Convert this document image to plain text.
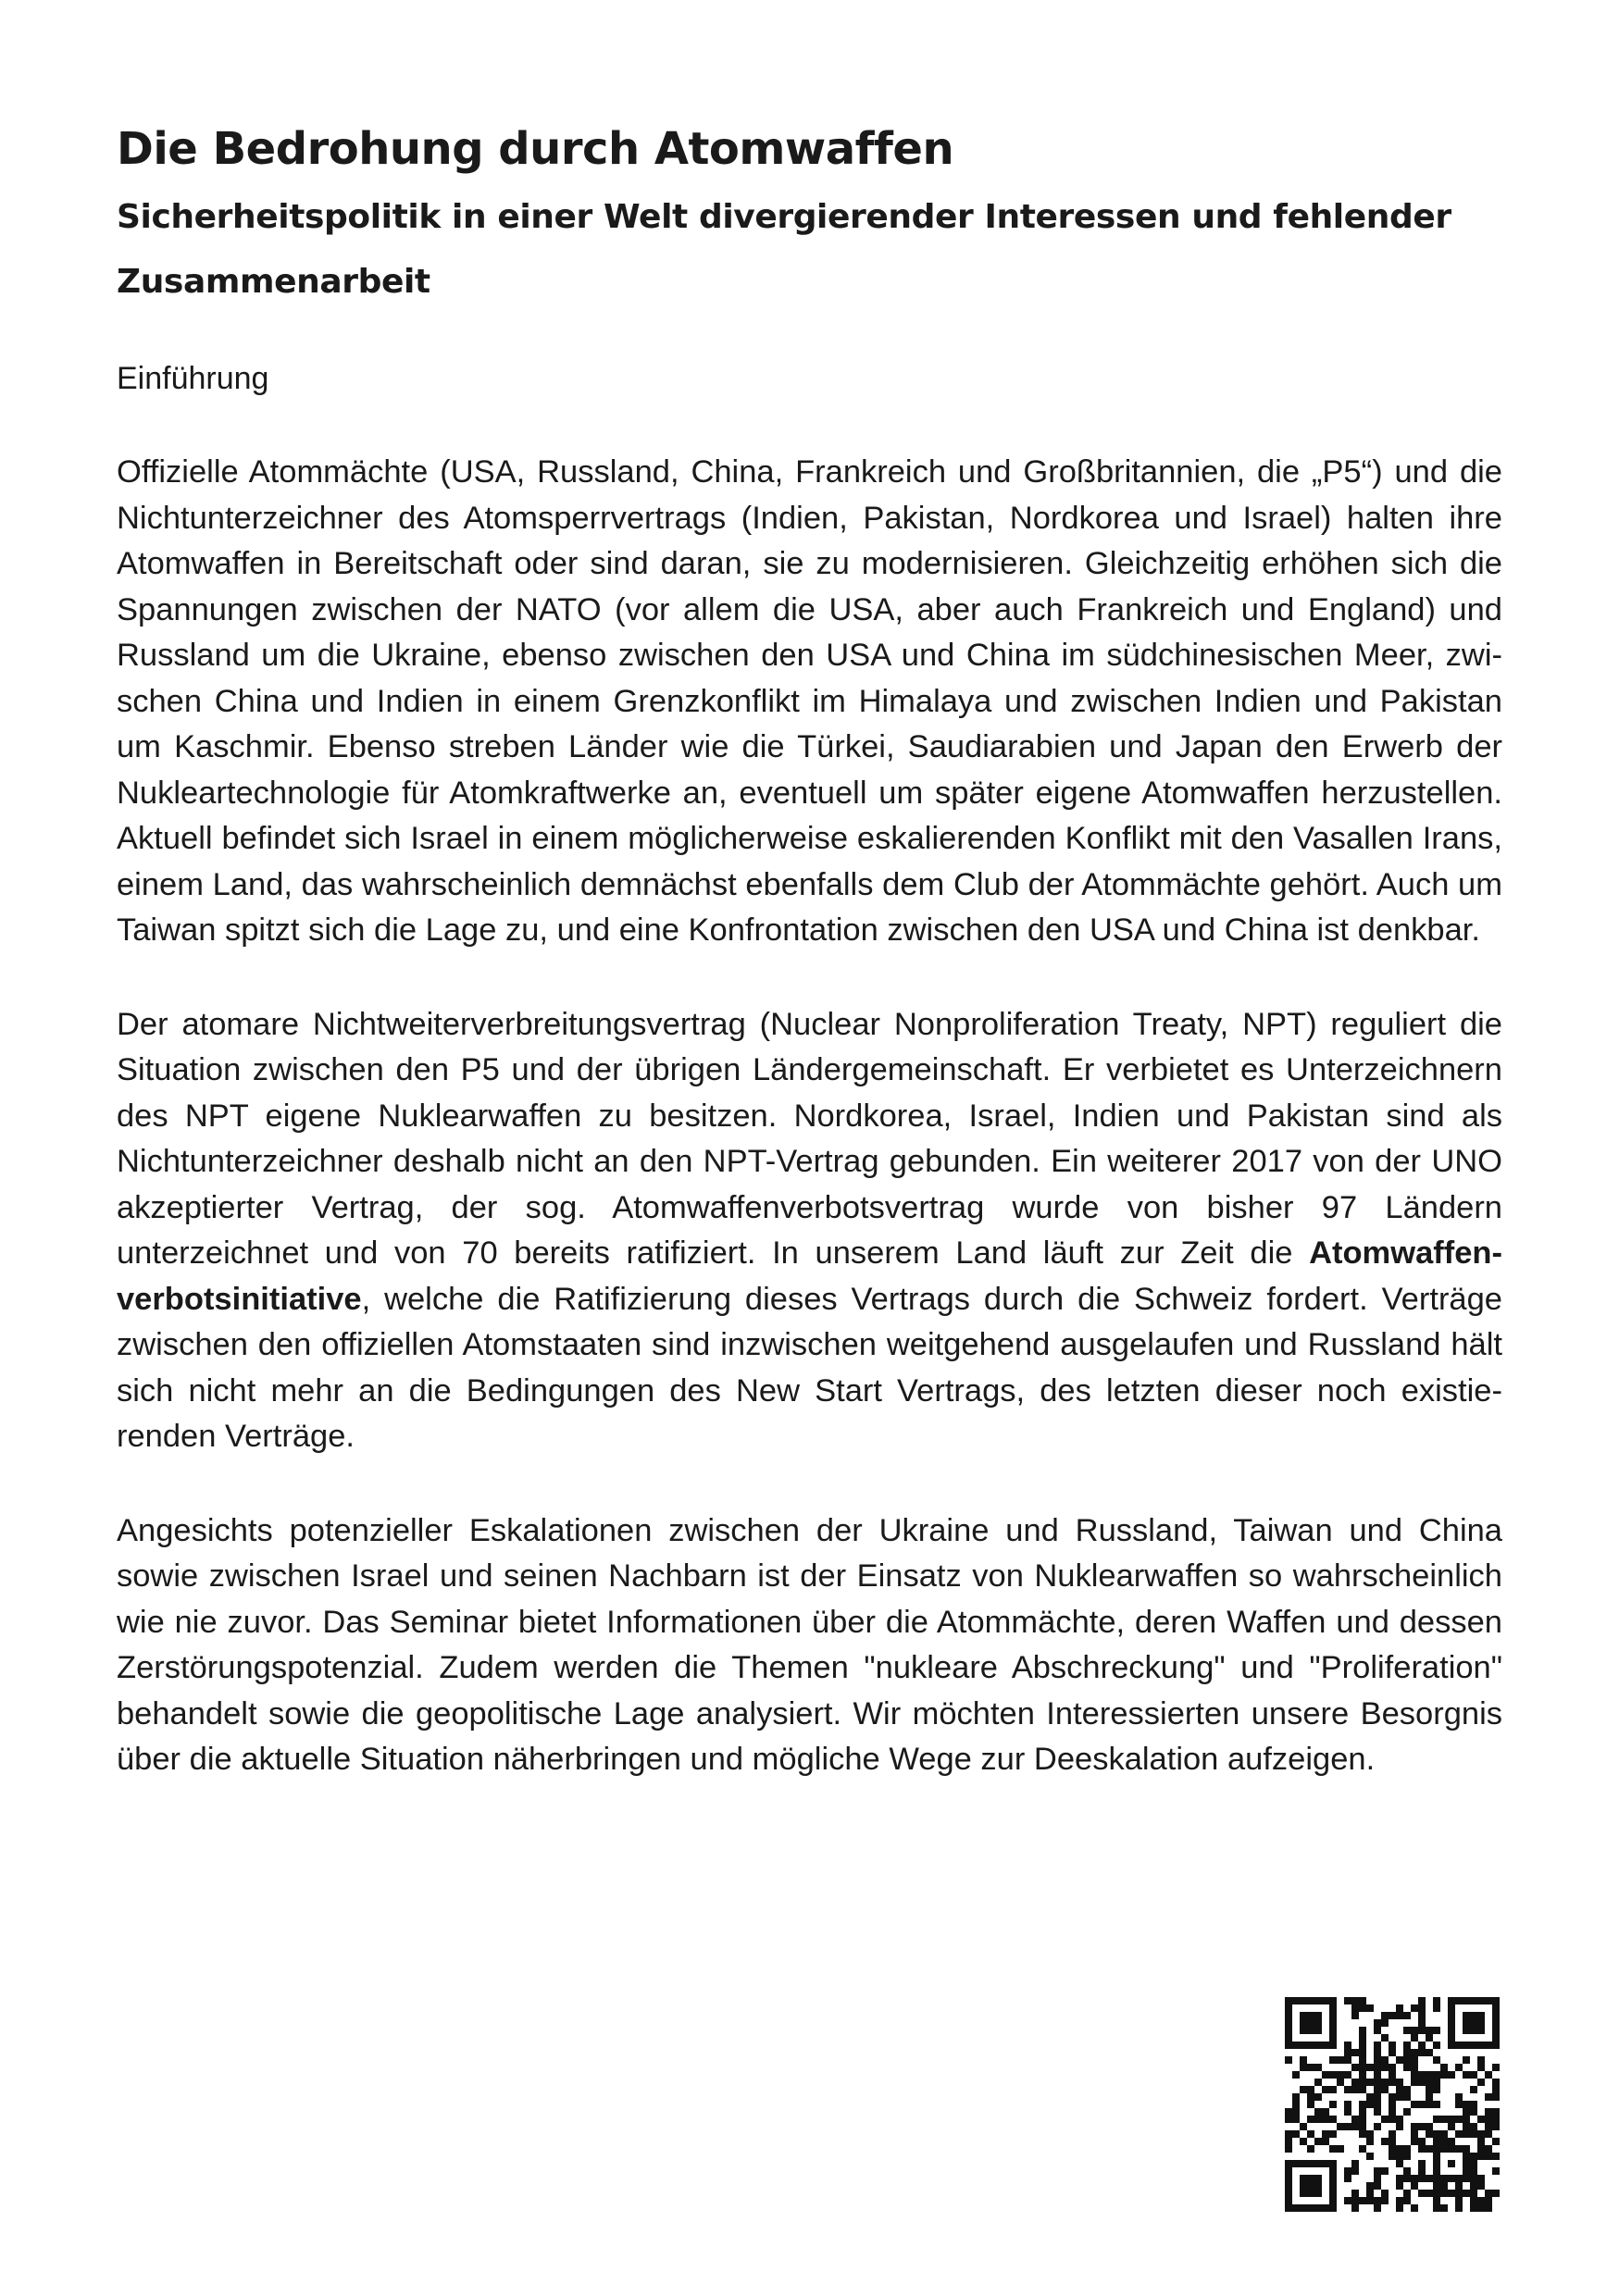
Die Bedrohung durch Atomwaffen
Sicherheitspolitik in einer Welt divergierender Interessen und fehlender Zusammenarbeit

Einführung

Offizielle Atommächte (USA, Russland, China, Frankreich und Großbritannien, die „P5“) und die Nichtunterzeichner des Atomsperrvertrags (Indien, Pakistan, Nordkorea und Israel) halten ihre Atomwaffen in Bereitschaft oder sind daran, sie zu modernisieren. Gleichzeitig erhöhen sich die Spannungen zwischen der NATO (vor allem die USA, aber auch Frankreich und England) und Russland um die Ukraine, ebenso zwischen den USA und China im südchinesischen Meer, zwischen China und Indien in einem Grenzkonflikt im Himalaya und zwischen Indien und Pakistan um Kaschmir. Ebenso streben Länder wie die Türkei, Saudiarabien und Japan den Erwerb der Nukleartechnologie für Atomkraftwerke an, eventuell um später eigene Atomwaffen herzustellen. Aktuell befindet sich Israel in einem möglicherweise eskalierenden Konflikt mit den Vasallen Irans, einem Land, das wahrscheinlich demnächst ebenfalls dem Club der Atommächte gehört. Auch um Taiwan spitzt sich die Lage zu, und eine Konfrontation zwischen den USA und China ist denkbar.

Der atomare Nichtweiterverbreitungsvertrag (Nuclear Nonproliferation Treaty, NPT) reguliert die Situation zwischen den P5 und der übrigen Ländergemeinschaft. Er verbietet es Unterzeichnern des NPT eigene Nuklearwaffen zu besitzen. Nordkorea, Israel, Indien und Pakistan sind als Nichtunterzeichner deshalb nicht an den NPT-Vertrag gebunden. Ein weiterer 2017 von der UNO akzeptierter Vertrag, der sog. Atomwaffenverbotsvertrag wurde von bisher 97 Ländern unterzeichnet und von 70 bereits ratifiziert. In unserem Land läuft zur Zeit die Atomwaffenverbotsinitiative, welche die Ratifizierung dieses Vertrags durch die Schweiz fordert. Verträge zwischen den offiziellen Atomstaaten sind inzwischen weitgehend ausgelaufen und Russland hält sich nicht mehr an die Bedingungen des New Start Vertrags, des letzten dieser noch existierenden Verträge.

Angesichts potenzieller Eskalationen zwischen der Ukraine und Russland, Taiwan und China sowie zwischen Israel und seinen Nachbarn ist der Einsatz von Nuklearwaffen so wahrscheinlich wie nie zuvor. Das Seminar bietet Informationen über die Atommächte, deren Waffen und dessen Zerstörungspotenzial. Zudem werden die Themen "nukleare Abschreckung" und "Proliferation" behandelt sowie die geopolitische Lage analysiert. Wir möchten Interessierten unsere Besorgnis über die aktuelle Situation näherbringen und mögliche Wege zur Deeskalation aufzeigen.
